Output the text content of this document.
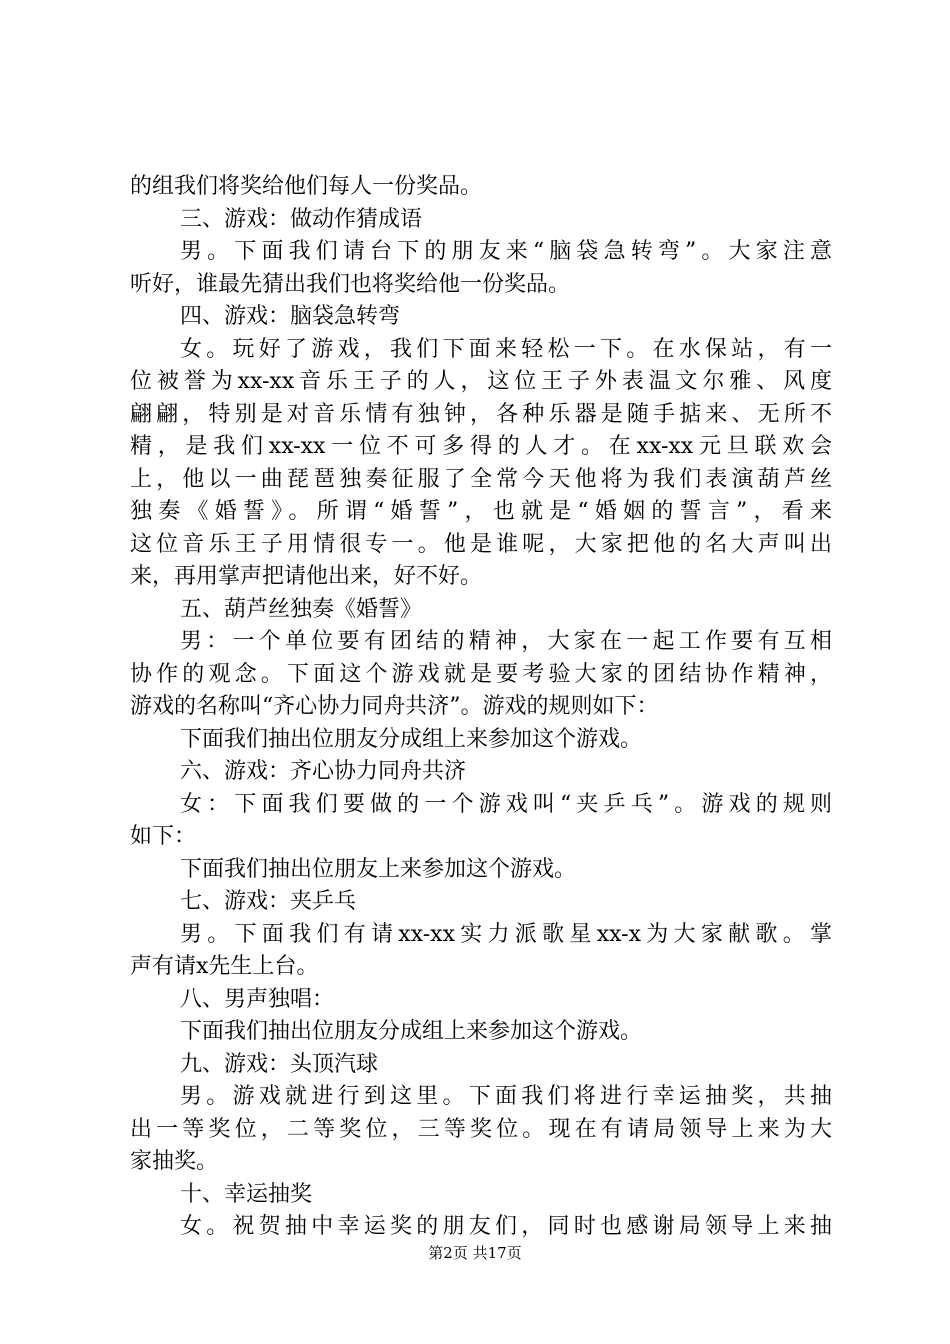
的组我们将奖给他们每人一份奖品。
三、游戏：做动作猜成语
男。下面我们请台下的朋友来“脑袋急转弯”。大家注意
听好，谁最先猜出我们也将奖给他一份奖品。
四、游戏：脑袋急转弯
女。玩好了游戏，我们下面来轻松一下。在水保站，有一
位被誉为xx-xx音乐王子的人，这位王子外表温文尔雅、风度
翩翩，特别是对音乐情有独钟，各种乐器是随手掂来、无所不
精，是我们xx-xx一位不可多得的人才。在xx-xx元旦联欢会
上，他以一曲琵琶独奏征服了全常今天他将为我们表演葫芦丝
独奏《婚誓》。所谓“婚誓”，也就是“婚姻的誓言”，看来
这位音乐王子用情很专一。他是谁呢，大家把他的名大声叫出
来，再用掌声把请他出来，好不好。
五、葫芦丝独奏《婚誓》
男：一个单位要有团结的精神，大家在一起工作要有互相
协作的观念。下面这个游戏就是要考验大家的团结协作精神，
游戏的名称叫“齐心协力同舟共济”。游戏的规则如下：
下面我们抽出位朋友分成组上来参加这个游戏。
六、游戏：齐心协力同舟共济
女：下面我们要做的一个游戏叫“夹乒乓”。游戏的规则
如下：
下面我们抽出位朋友上来参加这个游戏。
七、游戏：夹乒乓
男。下面我们有请xx-xx实力派歌星xx-x为大家献歌。掌
声有请x先生上台。
八、男声独唱：
下面我们抽出位朋友分成组上来参加这个游戏。
九、游戏：头顶汽球
男。游戏就进行到这里。下面我们将进行幸运抽奖，共抽
出一等奖位，二等奖位，三等奖位。现在有请局领导上来为大
家抽奖。
十、幸运抽奖
女。祝贺抽中幸运奖的朋友们，同时也感谢局领导上来抽
第2页 共17页
